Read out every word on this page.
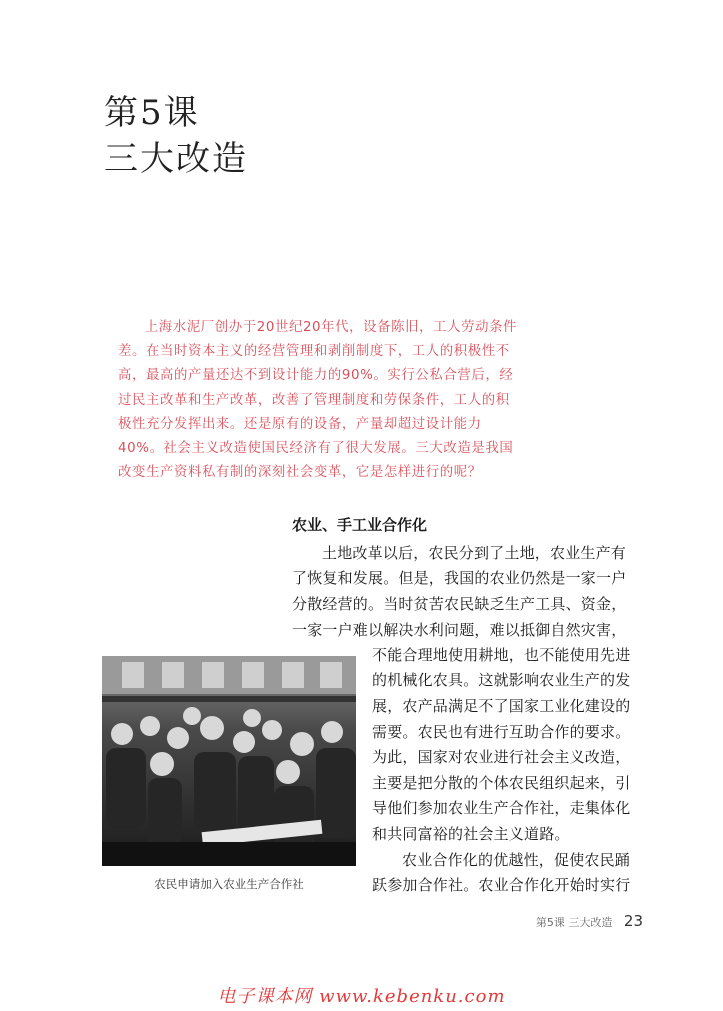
第5课
三大改造

上海水泥厂创办于20世纪20年代，设备陈旧，工人劳动条件差。在当时资本主义的经营管理和剥削制度下，工人的积极性不高，最高的产量还达不到设计能力的90%。实行公私合营后，经过民主改革和生产改革，改善了管理制度和劳保条件，工人的积极性充分发挥出来。还是原有的设备，产量却超过设计能力40%。社会主义改造使国民经济有了很大发展。三大改造是我国改变生产资料私有制的深刻社会变革，它是怎样进行的呢？

农业、手工业合作化

土地改革以后，农民分到了土地，农业生产有

了恢复和发展。但是，我国的农业仍然是一家一户

分散经营的。当时贫苦农民缺乏生产工具、资金，

一家一户难以解决水利问题，难以抵御自然灾害，

不能合理地使用耕地，也不能使用先进

的机械化农具。这就影响农业生产的发

展，农产品满足不了国家工业化建设的

需要。农民也有进行互助合作的要求。

为此，国家对农业进行社会主义改造，

主要是把分散的个体农民组织起来，引

导他们参加农业生产合作社，走集体化

和共同富裕的社会主义道路。

农业合作化的优越性，促使农民踊

跃参加合作社。农业合作化开始时实行

农民申请加入农业生产合作社
第5课 三大改造 23
电子课本网 www.kebenku.com
